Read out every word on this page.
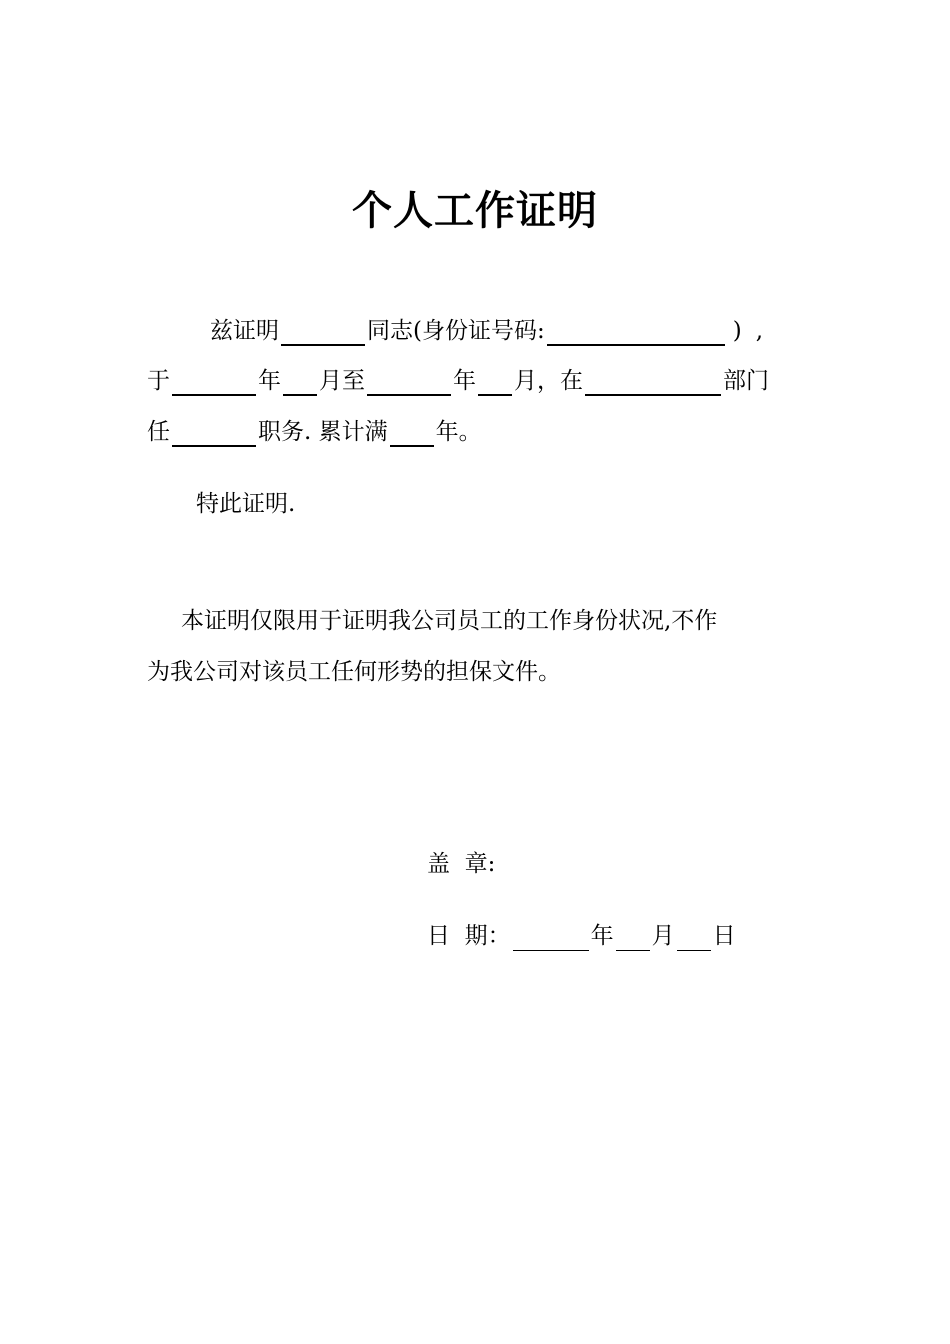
个人工作证明
兹证明	同志(身份证号码:	),
于	年 月至	年 月，在	部门
任	职务. 累计满 年。
特此证明.
本证明仅限用于证明我公司员工的工作身份状况,不作
为我公司对该员工任何形势的担保文件。
盖  章:
日  期：	年 月 日
